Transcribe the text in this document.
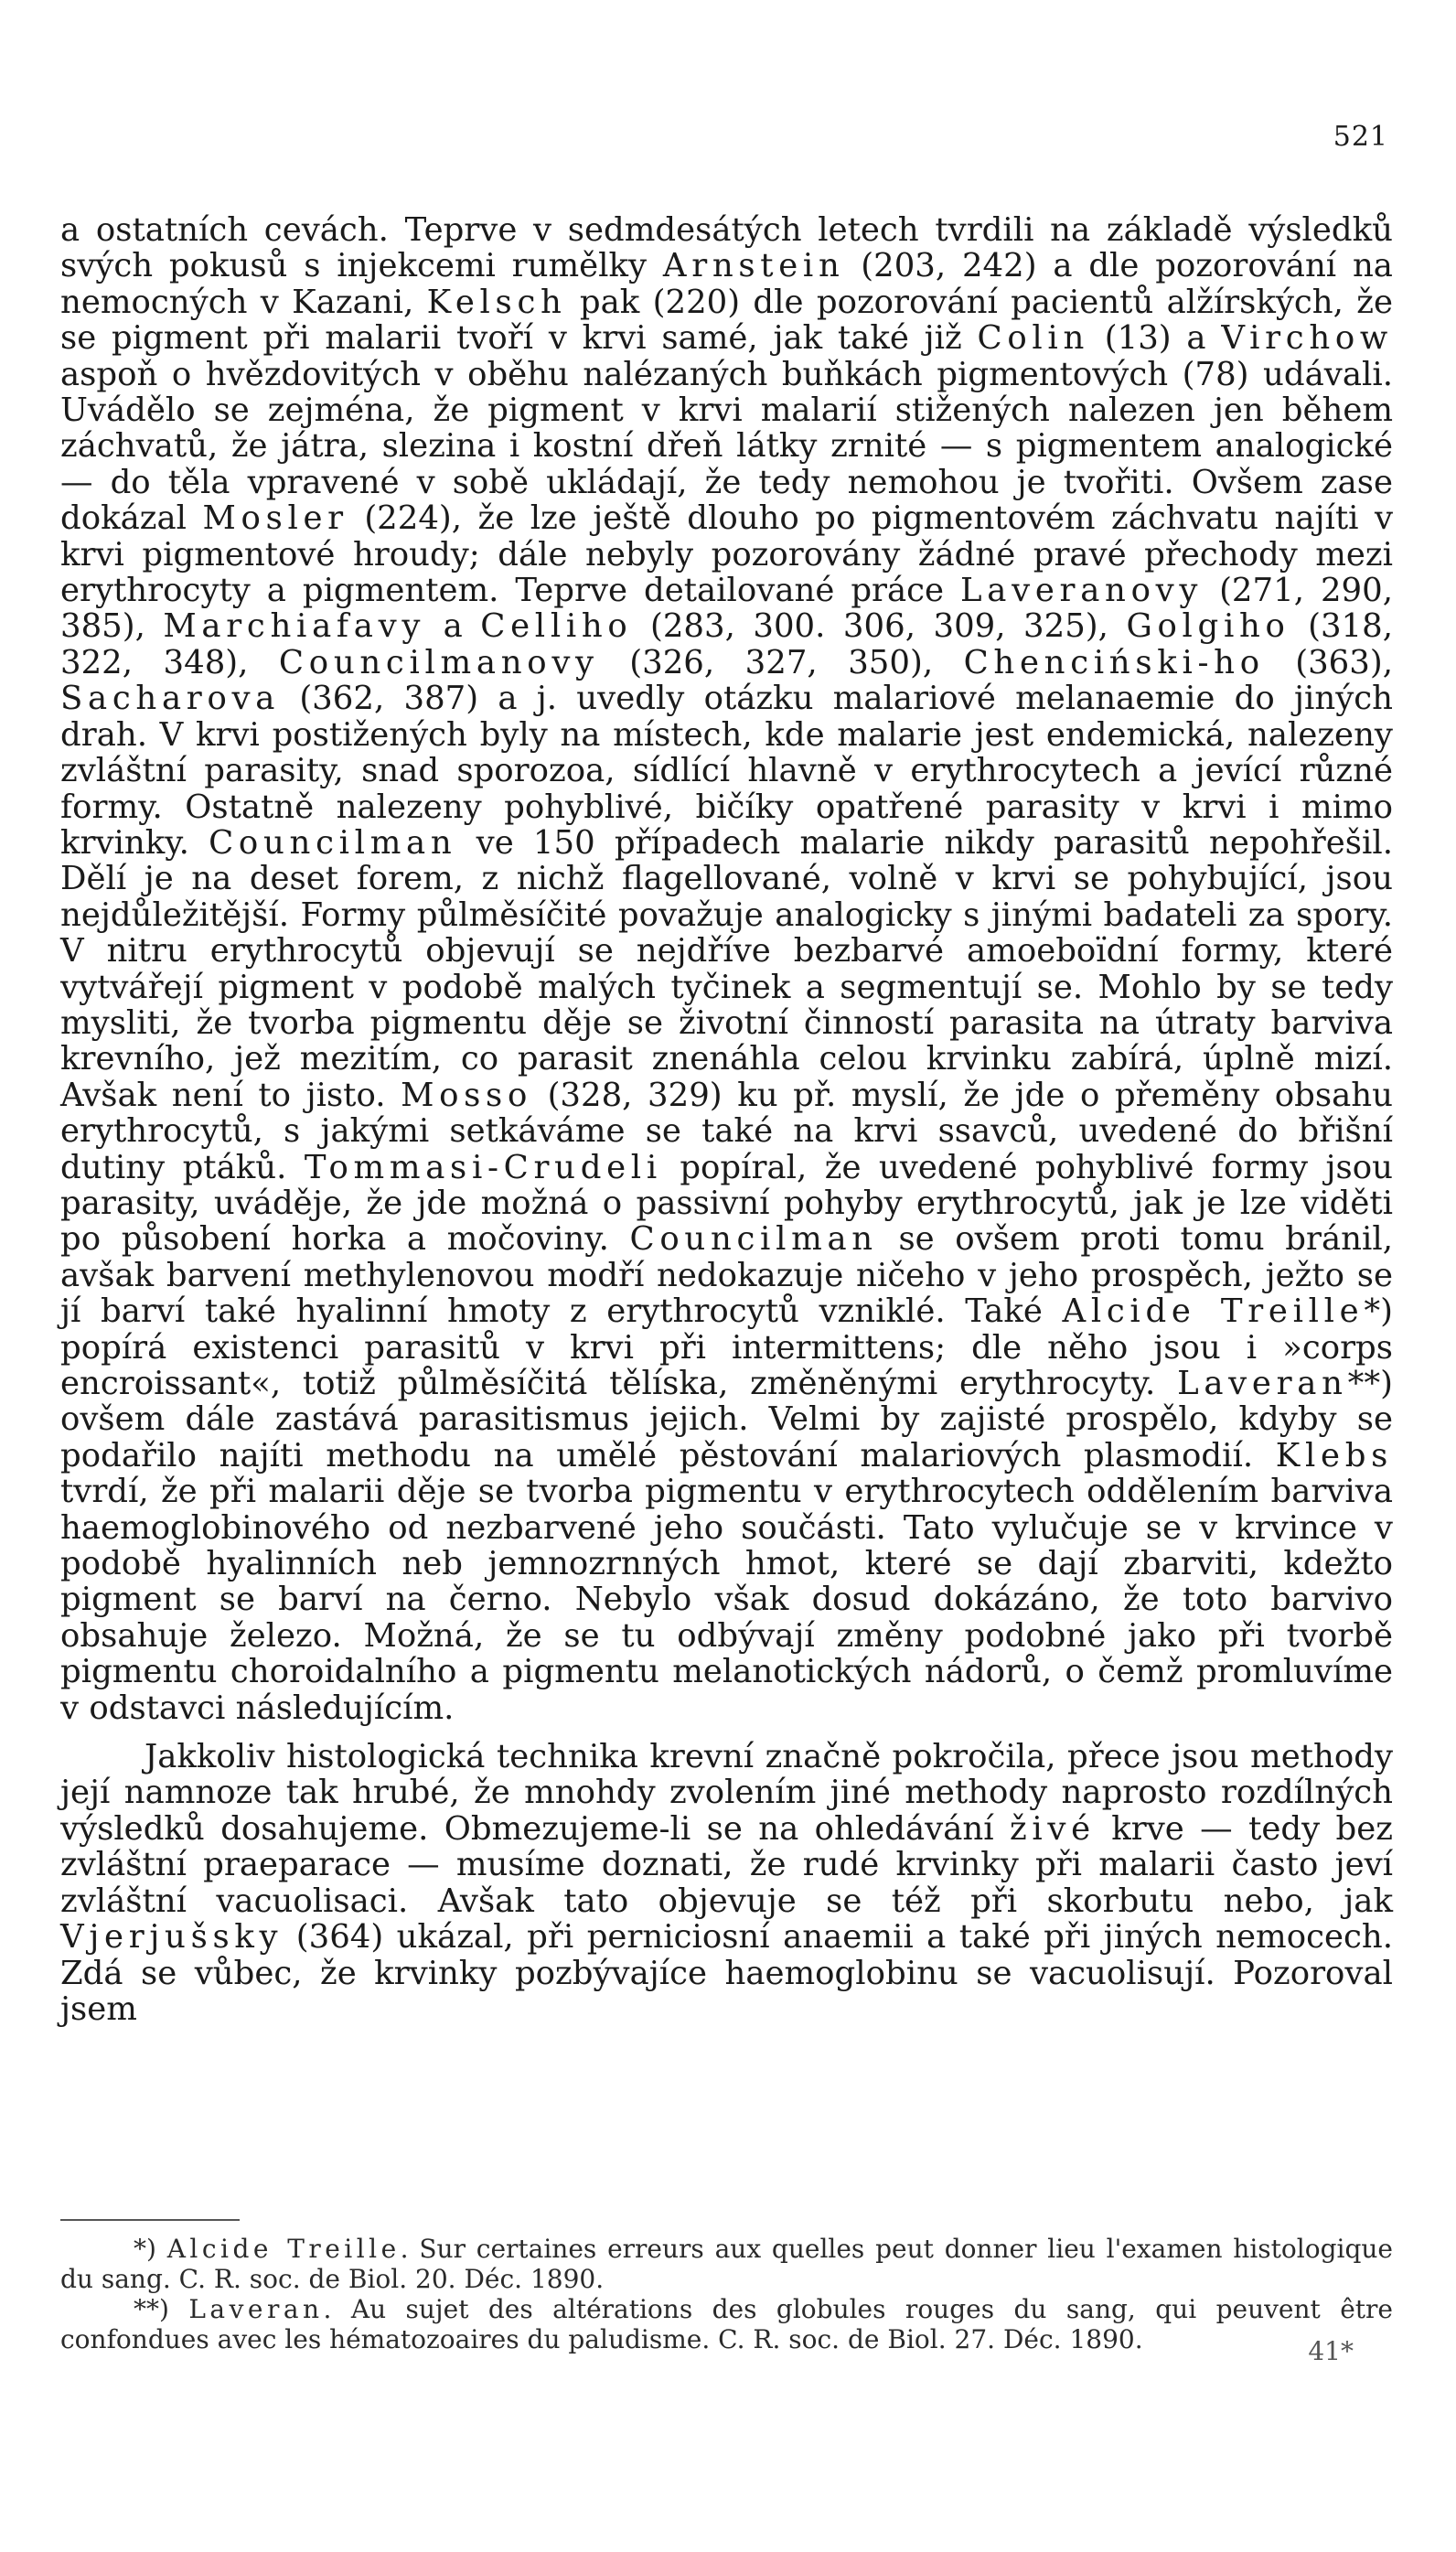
521

a ostatních cevách. Teprve v sedmdesátých letech tvrdili na základě výsledků svých pokusů s injekcemi rumělky Arnstein (203, 242) a dle pozorování na nemocných v Kazani, Kelsch pak (220) dle pozorování pacientů alžírských, že se pigment při malarii tvoří v krvi samé, jak také již Colin (13) a Virchow aspoň o hvězdovitých v oběhu nalézaných buňkách pigmentových (78) udávali. Uvádělo se zejména, že pigment v krvi malarií stižených nalezen jen během záchvatů, že játra, slezina i kostní dřeň látky zrnité — s pigmentem analogické — do těla vpravené v sobě ukládají, že tedy nemohou je tvořiti. Ovšem zase dokázal Mosler (224), že lze ještě dlouho po pigmentovém záchvatu najíti v krvi pigmentové hroudy; dále nebyly pozorovány žádné pravé přechody mezi erythrocyty a pigmentem. Teprve detailované práce Laveranovy (271, 290, 385), Marchiafavy a Celliho (283, 300. 306, 309, 325), Golgiho (318, 322, 348), Councilmanovy (326, 327, 350), Chenciński-ho (363), Sacharova (362, 387) a j. uvedly otázku malariové melanaemie do jiných drah. V krvi postižených byly na místech, kde malarie jest endemická, nalezeny zvláštní parasity, snad sporozoa, sídlící hlavně v erythrocytech a jevící různé formy. Ostatně nalezeny pohyblivé, bičíky opatřené parasity v krvi i mimo krvinky. Councilman ve 150 případech malarie nikdy parasitů nepohřešil. Dělí je na deset forem, z nichž flagellované, volně v krvi se pohybující, jsou nejdůležitější. Formy půlměsíčité považuje analogicky s jinými badateli za spory. V nitru erythrocytů objevují se nejdříve bezbarvé amoeboïdní formy, které vytvářejí pigment v podobě malých tyčinek a segmentují se. Mohlo by se tedy mysliti, že tvorba pigmentu děje se životní činností parasita na útraty barviva krevního, jež mezitím, co parasit znenáhla celou krvinku zabírá, úplně mizí. Avšak není to jisto. Mosso (328, 329) ku př. myslí, že jde o přeměny obsahu erythrocytů, s jakými setkáváme se také na krvi ssavců, uvedené do břišní dutiny ptáků. Tommasi-Crudeli popíral, že uvedené pohyblivé formy jsou parasity, uváděje, že jde možná o passivní pohyby erythrocytů, jak je lze viděti po působení horka a močoviny. Councilman se ovšem proti tomu bránil, avšak barvení methylenovou modří nedokazuje ničeho v jeho prospěch, ježto se jí barví také hyalinní hmoty z erythrocytů vzniklé. Také Alcide Treille*) popírá existenci parasitů v krvi při intermittens; dle něho jsou i »corps encroissant«, totiž půlměsíčitá tělíska, změněnými erythrocyty. Laveran**) ovšem dále zastává parasitismus jejich. Velmi by zajisté prospělo, kdyby se podařilo najíti methodu na umělé pěstování malariových plasmodií. Klebs tvrdí, že při malarii děje se tvorba pigmentu v erythrocytech oddělením barviva haemoglobinového od nezbarvené jeho součásti. Tato vylučuje se v krvince v podobě hyalinních neb jemnozrnných hmot, které se dají zbarviti, kdežto pigment se barví na černo. Nebylo však dosud dokázáno, že toto barvivo obsahuje železo. Možná, že se tu odbývají změny podobné jako při tvorbě pigmentu choroidalního a pigmentu melanotických nádorů, o čemž promluvíme v odstavci následujícím.

Jakkoliv histologická technika krevní značně pokročila, přece jsou methody její namnoze tak hrubé, že mnohdy zvolením jiné methody naprosto rozdílných výsledků dosahujeme. Obmezujeme-li se na ohledávání živé krve — tedy bez zvláštní praeparace — musíme doznati, že rudé krvinky při malarii často jeví zvláštní vacuolisaci. Avšak tato objevuje se též při skorbutu nebo, jak Vjerjušsky (364) ukázal, při perniciosní anaemii a také při jiných nemocech. Zdá se vůbec, že krvinky pozbývajíce haemoglobinu se vacuolisují. Pozoroval jsem

*) Alcide Treille. Sur certaines erreurs aux quelles peut donner lieu l'examen histologique du sang. C. R. soc. de Biol. 20. Déc. 1890.

**) Laveran. Au sujet des altérations des globules rouges du sang, qui peuvent être confondues avec les hématozoaires du paludisme. C. R. soc. de Biol. 27. Déc. 1890.	41*
